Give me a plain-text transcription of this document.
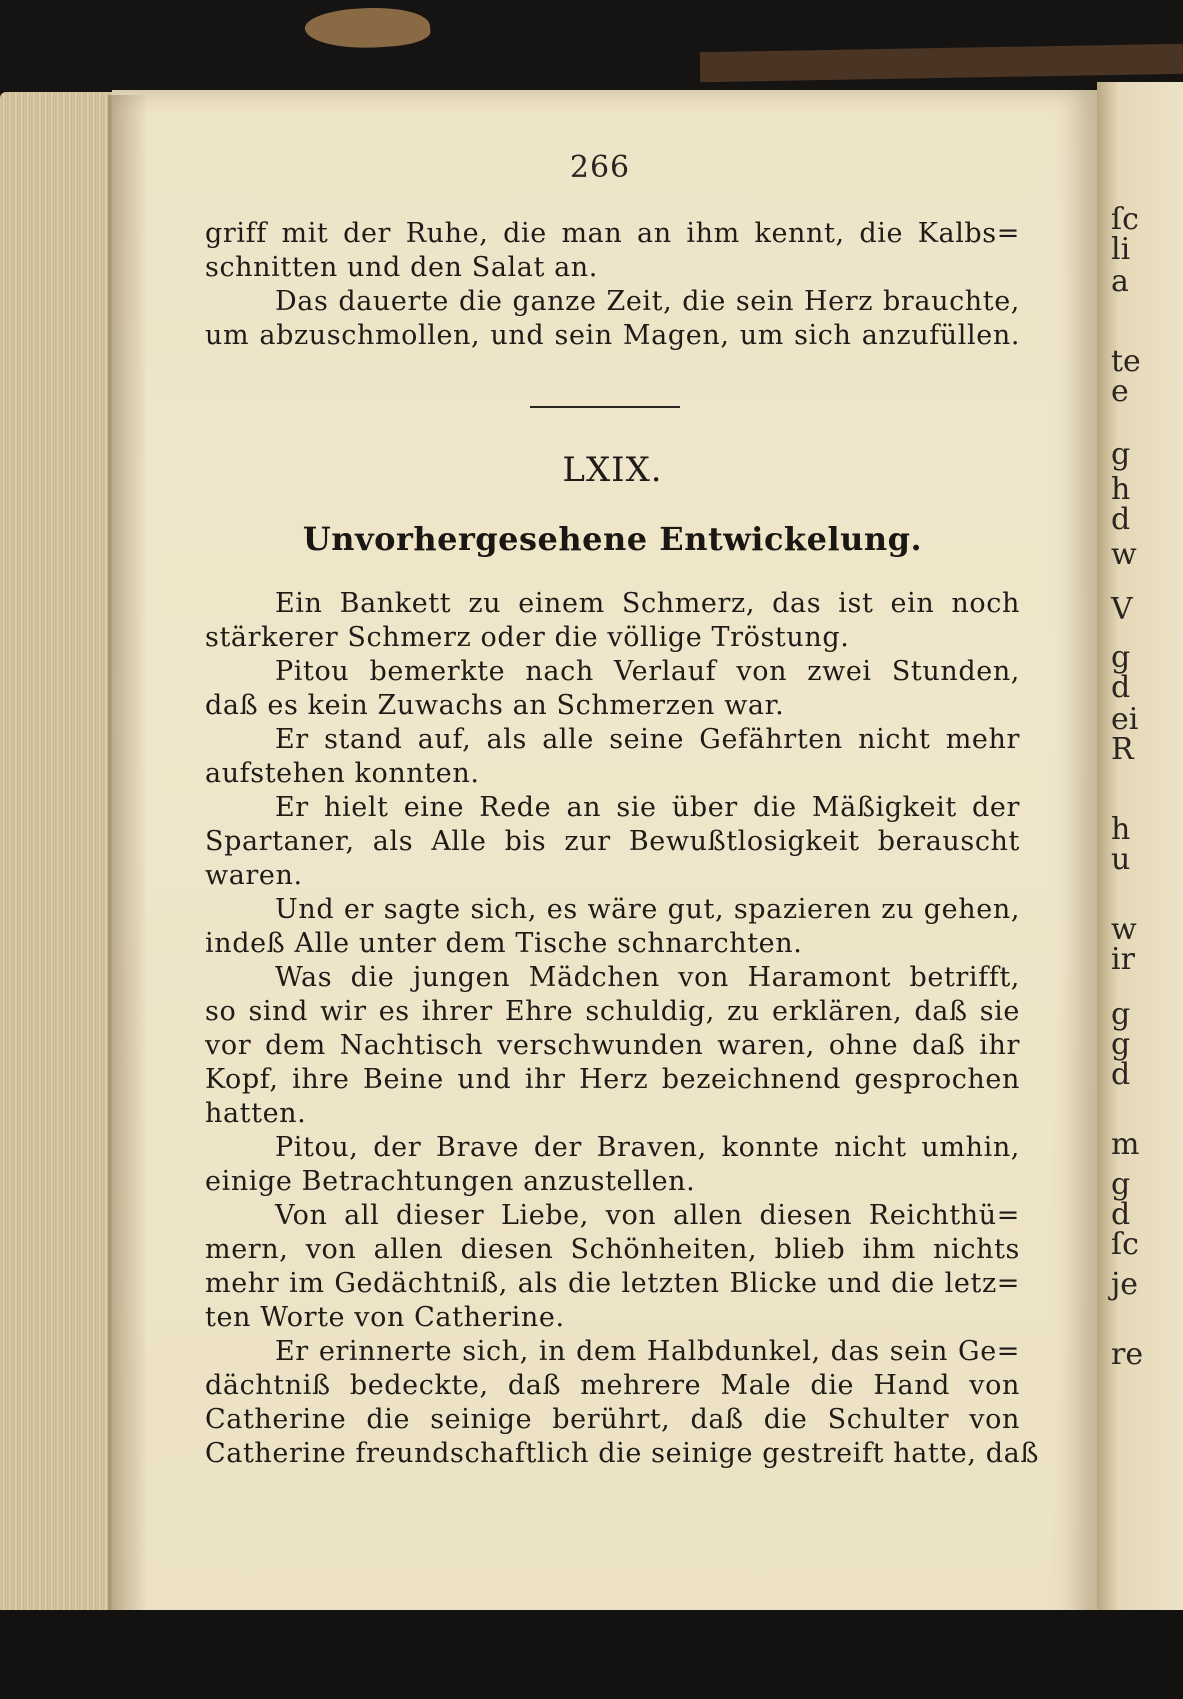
ſc
li
a
te
e
g
h
d
w
V
g
d
ei
R
h
u
w
ir
g
g
d
m
g
d
ſc
je
re
266
griff mit der Ruhe, die man an ihm kennt, die Kalbs=
schnitten und den Salat an.
Das dauerte die ganze Zeit, die sein Herz brauchte,
um abzuschmollen, und sein Magen, um sich anzufüllen.
Ein Bankett zu einem Schmerz, das ist ein noch
stärkerer Schmerz oder die völlige Tröstung.
Pitou bemerkte nach Verlauf von zwei Stunden,
daß es kein Zuwachs an Schmerzen war.
Er stand auf, als alle seine Gefährten nicht mehr
aufstehen konnten.
Er hielt eine Rede an sie über die Mäßigkeit der
Spartaner, als Alle bis zur Bewußtlosigkeit berauscht
waren.
Und er sagte sich, es wäre gut, spazieren zu gehen,
indeß Alle unter dem Tische schnarchten.
Was die jungen Mädchen von Haramont betrifft,
so sind wir es ihrer Ehre schuldig, zu erklären, daß sie
vor dem Nachtisch verschwunden waren, ohne daß ihr
Kopf, ihre Beine und ihr Herz bezeichnend gesprochen
hatten.
Pitou, der Brave der Braven, konnte nicht umhin,
einige Betrachtungen anzustellen.
Von all dieser Liebe, von allen diesen Reichthü=
mern, von allen diesen Schönheiten, blieb ihm nichts
mehr im Gedächtniß, als die letzten Blicke und die letz=
ten Worte von Catherine.
Er erinnerte sich, in dem Halbdunkel, das sein Ge=
dächtniß bedeckte, daß mehrere Male die Hand von
Catherine die seinige berührt, daß die Schulter von
Catherine freundschaftlich die seinige gestreift hatte, daß
LXIX.
Unvorhergesehene Entwickelung.
